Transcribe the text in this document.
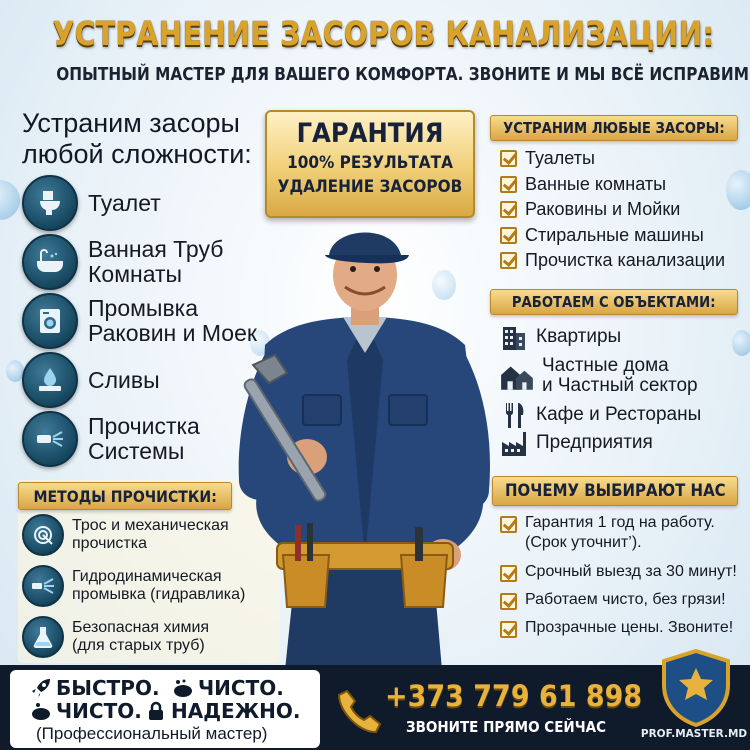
УСТРАНЕНИЕ ЗАСОРОВ КАНАЛИЗАЦИИ:
ОПЫТНЫЙ МАСТЕР ДЛЯ ВАШЕГО КОМФОРТА. ЗВОНИТЕ И МЫ ВСЁ ИСПРАВИМ
Устраним засоры
любой сложности:
Туалет
Ванная Труб
Комнаты
Промывка
Раковин и Моек
Сливы
Прочистка
Системы
ГАРАНТИЯ
100% РЕЗУЛЬТАТА
УДАЛЕНИЕ ЗАСОРОВ
УСТРАНИМ ЛЮБЫЕ ЗАСОРЫ:
Туалеты
Ванные комнаты
Раковины и Мойки
Стиральные машины
Прочистка канализации
РАБОТАЕМ С ОБЪЕКТАМИ:
Квартиры
Частные дома
и Частный сектор
Кафе и Рестораны
Предприятия
ПОЧЕМУ ВЫБИРАЮТ НАС
Гарантия 1 год на работу.
(Срок уточнит’).
Срочный выезд за 30 минут!
Работаем чисто, без грязи!
Прозрачные цены. Звоните!
МЕТОДЫ ПРОЧИСТКИ:
Трос и механическая
прочистка
Гидродинамическая
промывка (гидравлика)
Безопасная химия
(для старых труб)
БЫСТРО. ЧИСТО.
ЧИСТО. НАДЕЖНО.
(Профессиональный мастер)
+373 779 61 898
ЗВОНИТЕ ПРЯМО СЕЙЧАС	PROF.MASTER.MD
